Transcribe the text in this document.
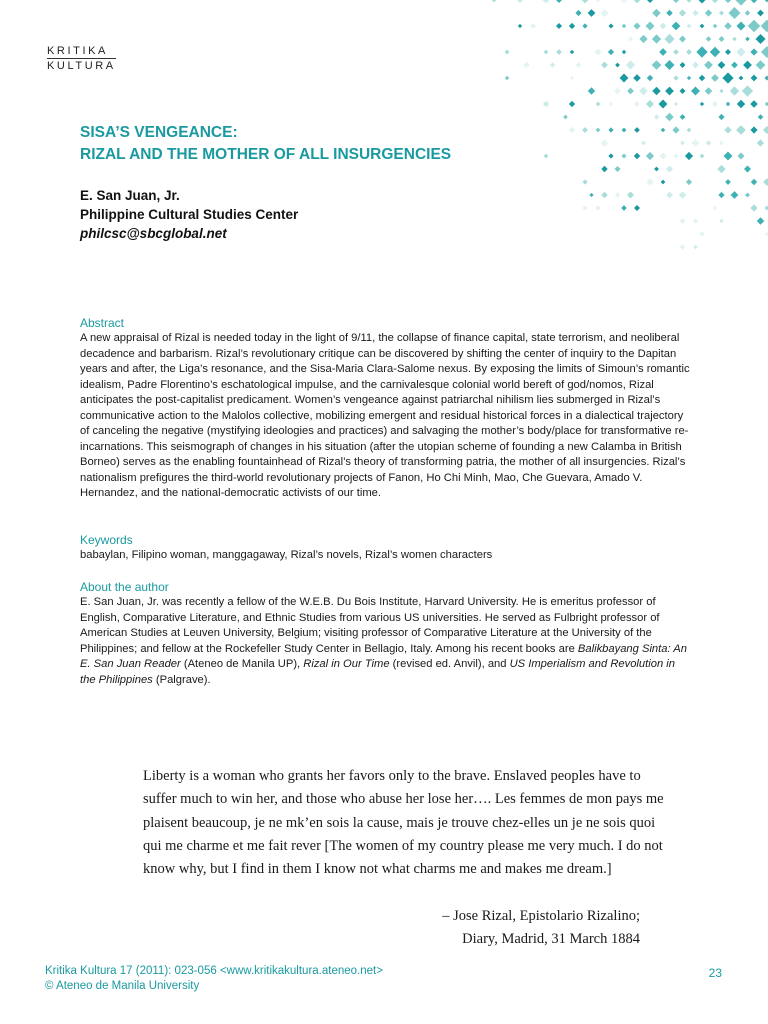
KRITIKA
KULTURA
SISA’S VENGEANCE:
RIZAL AND THE MOTHER OF ALL INSURGENCIES
E. San Juan, Jr.
Philippine Cultural Studies Center
philcsc@sbcglobal.net
Abstract
A new appraisal of Rizal is needed today in the light of 9/11, the collapse of finance capital, state terrorism, and neoliberal decadence and barbarism. Rizal’s revolutionary critique can be discovered by shifting the center of inquiry to the Dapitan years and after, the Liga’s resonance, and the Sisa-Maria Clara-Salome nexus. By exposing the limits of Simoun’s romantic idealism, Padre Florentino’s eschatological impulse, and the carnivalesque colonial world bereft of god/nomos, Rizal anticipates the post-capitalist predicament. Women’s vengeance against patriarchal nihilism lies submerged in Rizal’s communicative action to the Malolos collective, mobilizing emergent and residual historical forces in a dialectical trajectory of canceling the negative (mystifying ideologies and practices) and salvaging the mother’s body/place for transformative re-incarnations. This seismograph of changes in his situation (after the utopian scheme of founding a new Calamba in British Borneo) serves as the enabling fountainhead of Rizal’s theory of transforming patria, the mother of all insurgencies. Rizal’s nationalism prefigures the third-world revolutionary projects of Fanon, Ho Chi Minh, Mao, Che Guevara, Amado V. Hernandez, and the national-democratic activists of our time.
Keywords
babaylan, Filipino woman, manggagaway, Rizal’s novels, Rizal’s women characters
About the author
E. San Juan, Jr. was recently a fellow of the W.E.B. Du Bois Institute, Harvard University. He is emeritus professor of English, Comparative Literature, and Ethnic Studies from various US universities. He served as Fulbright professor of American Studies at Leuven University, Belgium; visiting professor of Comparative Literature at the University of the Philippines; and fellow at the Rockefeller Study Center in Bellagio, Italy. Among his recent books are Balikbayang Sinta: An E. San Juan Reader (Ateneo de Manila UP), Rizal in Our Time (revised ed. Anvil), and US Imperialism and Revolution in the Philippines (Palgrave).
Liberty is a woman who grants her favors only to the brave. Enslaved peoples have to suffer much to win her, and those who abuse her lose her…. Les femmes de mon pays me plaisent beaucoup, je ne mk’en sois la cause, mais je trouve chez-elles un je ne sois quoi qui me charme et me fait rever [The women of my country please me very much. I do not know why, but I find in them I know not what charms me and makes me dream.]
– Jose Rizal, Epistolario Rizalino;
Diary, Madrid, 31 March 1884
Kritika Kultura 17 (2011): 023-056 <www.kritikakultura.ateneo.net>
© Ateneo de Manila University
23
